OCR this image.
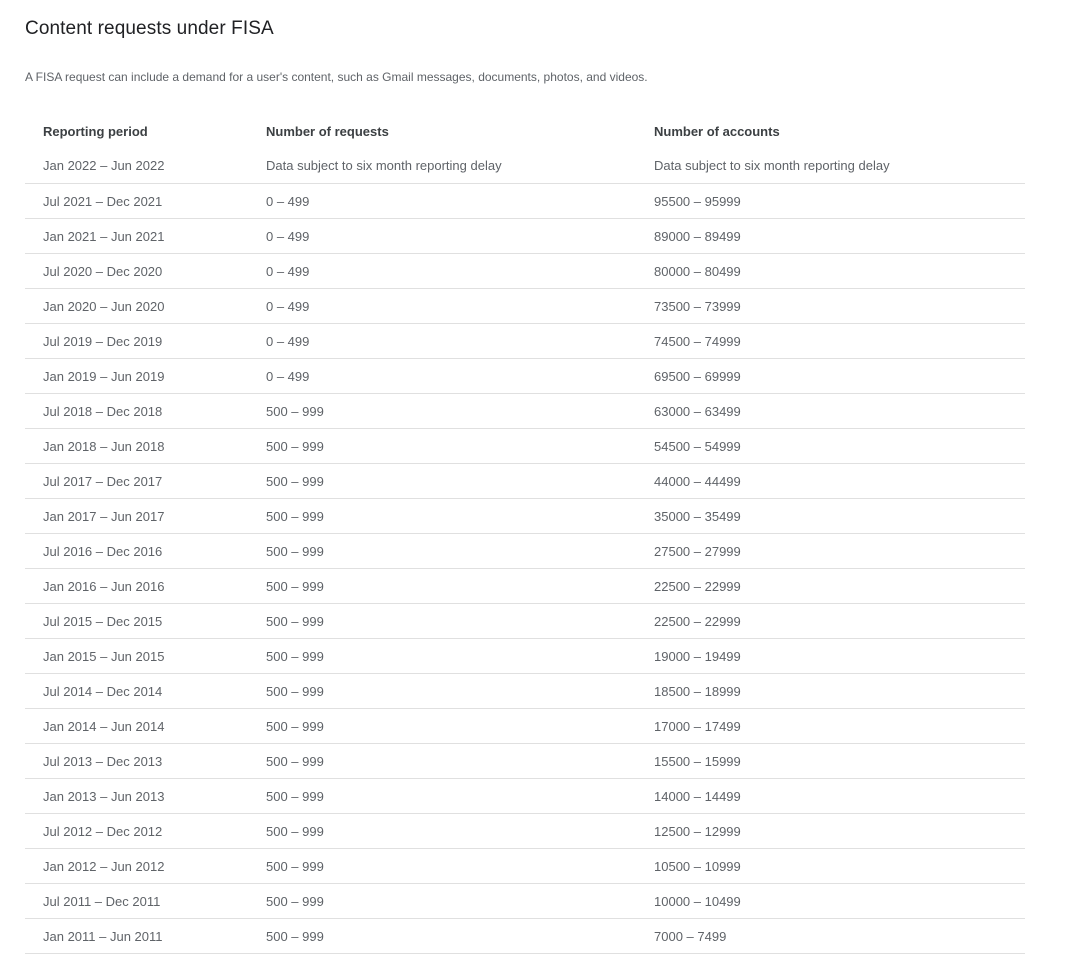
Content requests under FISA

A FISA request can include a demand for a user's content, such as Gmail messages, documents, photos, and videos.

Reporting period	Number of requests	Number of accounts
Jan 2022 – Jun 2022	Data subject to six month reporting delay	Data subject to six month reporting delay
Jul 2021 – Dec 2021	0 – 499	95500 – 95999
Jan 2021 – Jun 2021	0 – 499	89000 – 89499
Jul 2020 – Dec 2020	0 – 499	80000 – 80499
Jan 2020 – Jun 2020	0 – 499	73500 – 73999
Jul 2019 – Dec 2019	0 – 499	74500 – 74999
Jan 2019 – Jun 2019	0 – 499	69500 – 69999
Jul 2018 – Dec 2018	500 – 999	63000 – 63499
Jan 2018 – Jun 2018	500 – 999	54500 – 54999
Jul 2017 – Dec 2017	500 – 999	44000 – 44499
Jan 2017 – Jun 2017	500 – 999	35000 – 35499
Jul 2016 – Dec 2016	500 – 999	27500 – 27999
Jan 2016 – Jun 2016	500 – 999	22500 – 22999
Jul 2015 – Dec 2015	500 – 999	22500 – 22999
Jan 2015 – Jun 2015	500 – 999	19000 – 19499
Jul 2014 – Dec 2014	500 – 999	18500 – 18999
Jan 2014 – Jun 2014	500 – 999	17000 – 17499
Jul 2013 – Dec 2013	500 – 999	15500 – 15999
Jan 2013 – Jun 2013	500 – 999	14000 – 14499
Jul 2012 – Dec 2012	500 – 999	12500 – 12999
Jan 2012 – Jun 2012	500 – 999	10500 – 10999
Jul 2011 – Dec 2011	500 – 999	10000 – 10499
Jan 2011 – Jun 2011	500 – 999	7000 – 7499
